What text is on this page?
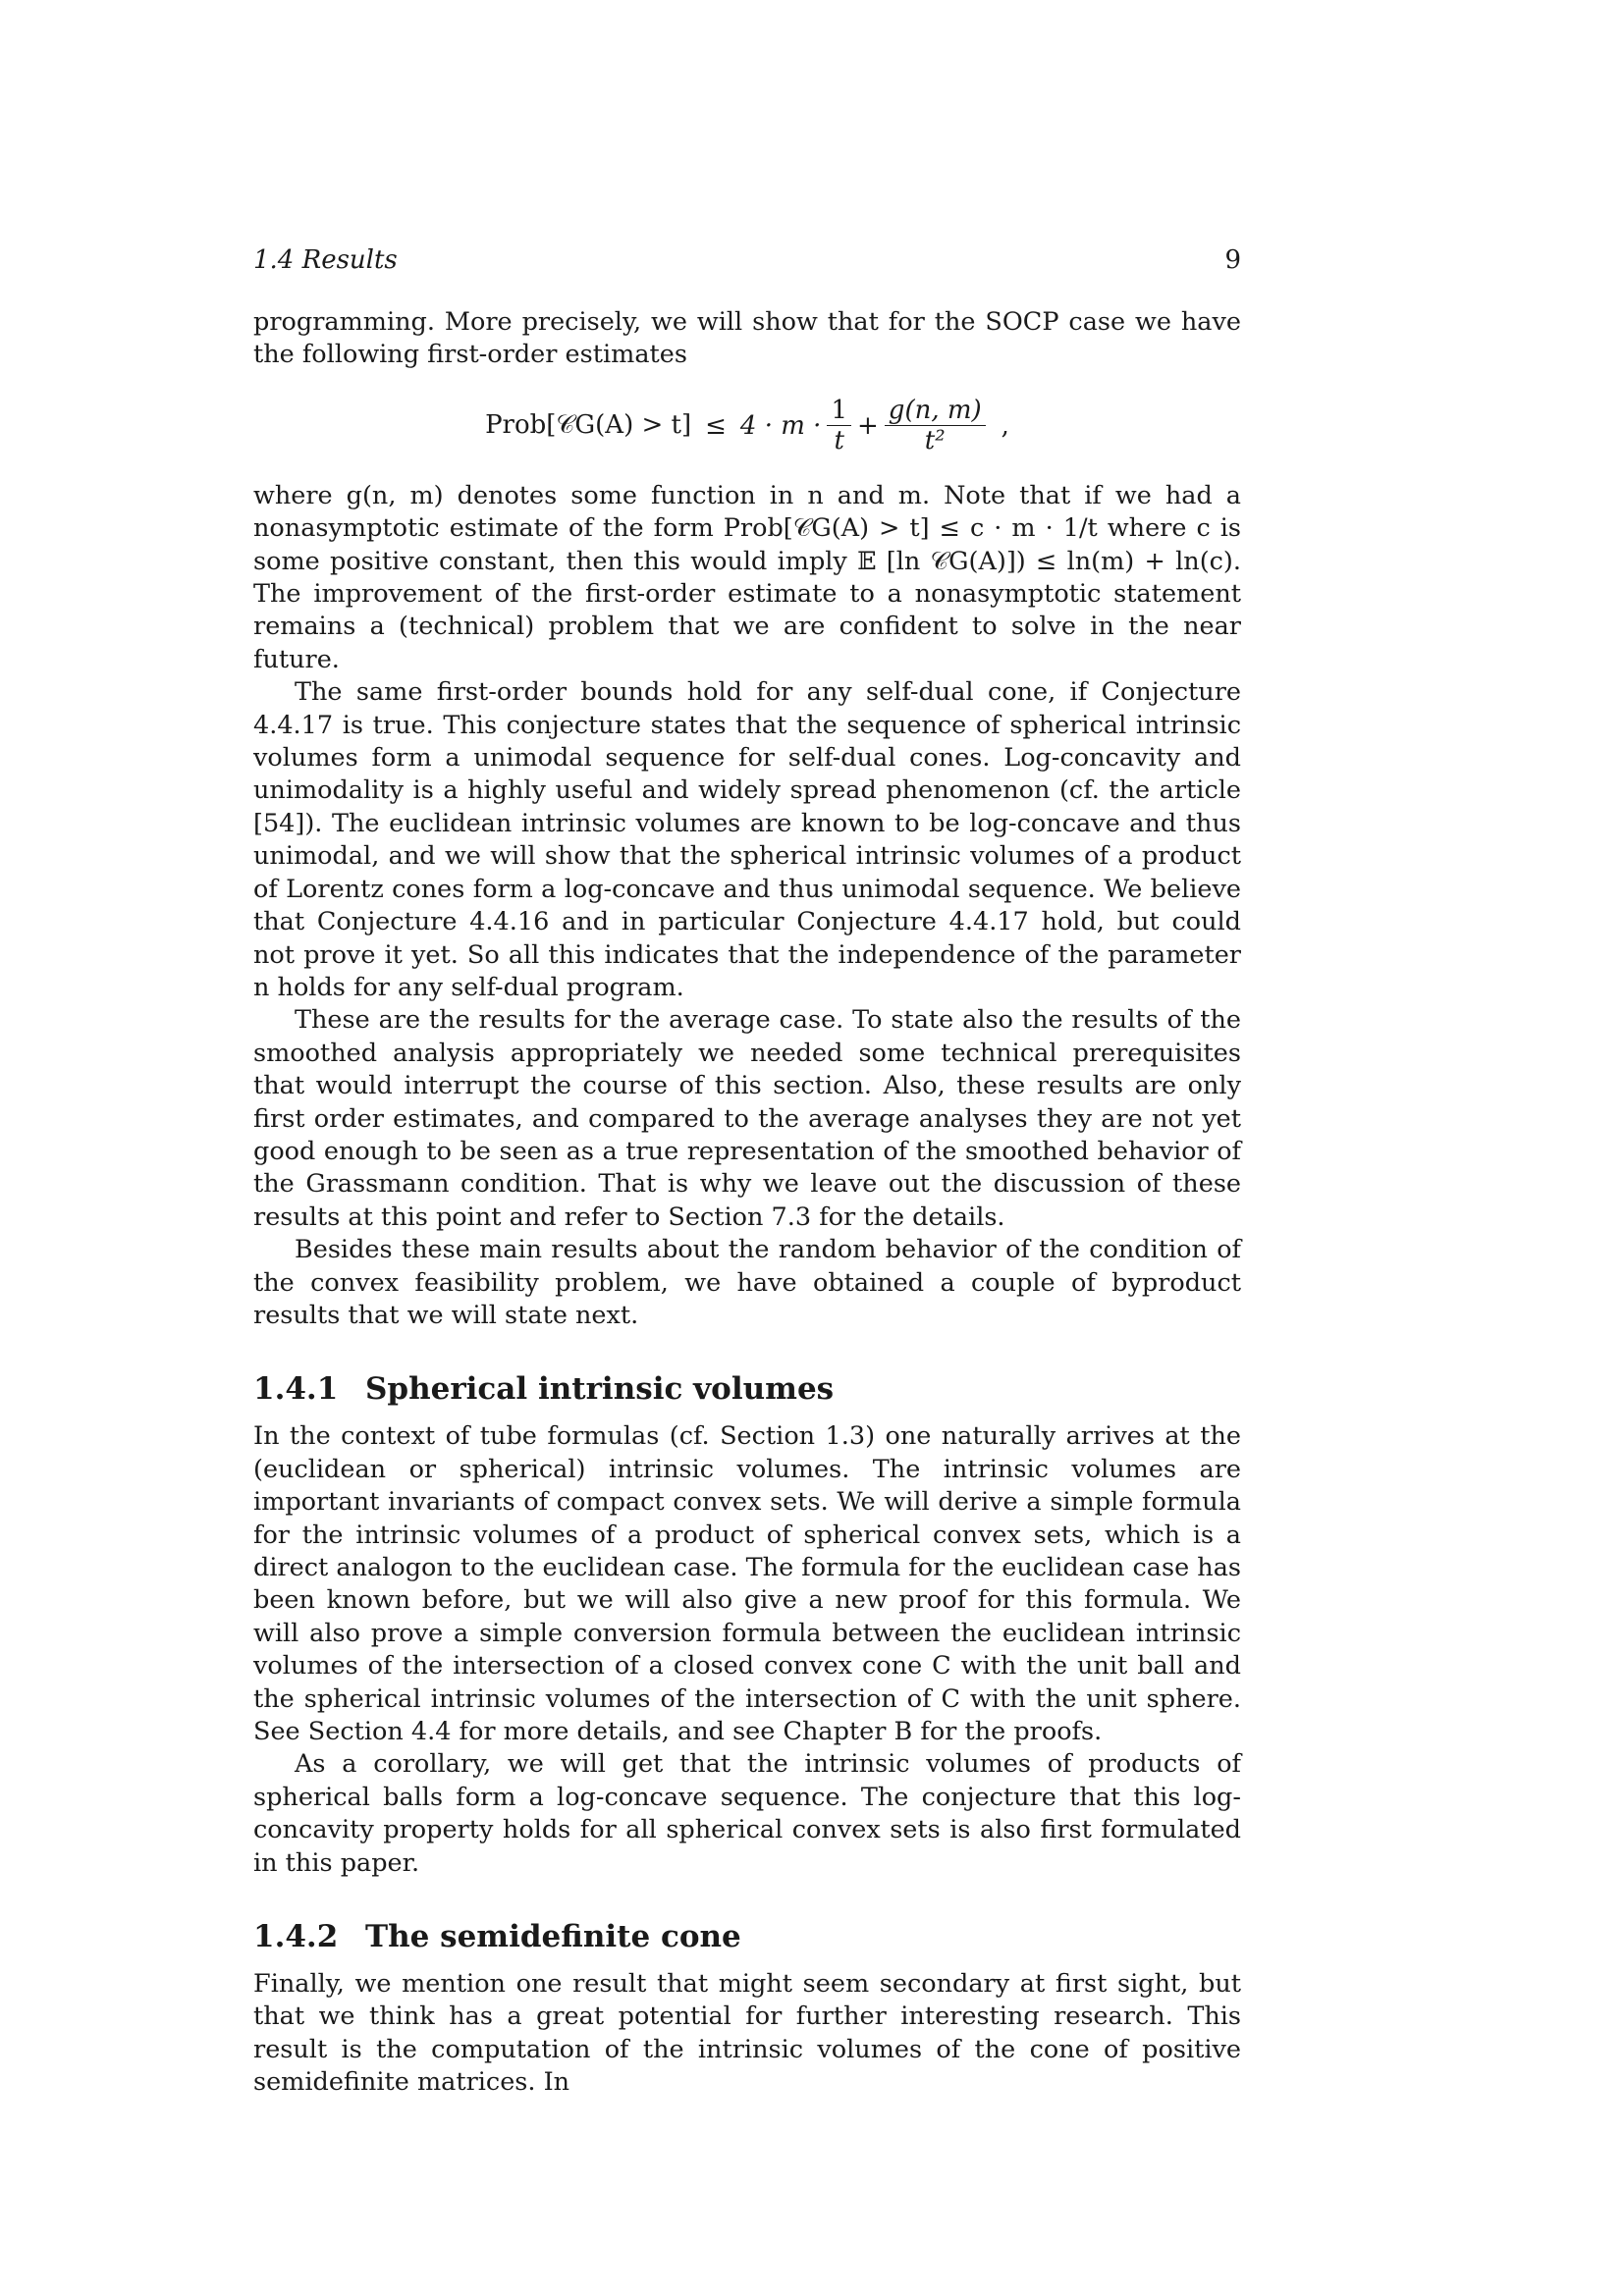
1.4 Results	9

programming. More precisely, we will show that for the SOCP case we have the following first-order estimates

Prob[𝒞G(A) > $t] \le 4 \cdot m \cdot \frac{1}{t} + \frac{g(n, m)}{\text{t²}}$ ,

where g(n, m) denotes some function in n and m. Note that if we had a nonasymptotic estimate of the form Prob[𝒞G(A) > t] ≤ c · m · 1/t where c is some positive constant, then this would imply 𝔼 [ln 𝒞G(A)]) ≤ ln(m) + ln(c). The improvement of the first-order estimate to a nonasymptotic statement remains a (technical) problem that we are confident to solve in the near future.

The same first-order bounds hold for any self-dual cone, if Conjecture 4.4.17 is true. This conjecture states that the sequence of spherical intrinsic volumes form a unimodal sequence for self-dual cones. Log-concavity and unimodality is a highly useful and widely spread phenomenon (cf. the article [54]). The euclidean intrinsic volumes are known to be log-concave and thus unimodal, and we will show that the spherical intrinsic volumes of a product of Lorentz cones form a log-concave and thus unimodal sequence. We believe that Conjecture 4.4.16 and in particular Conjecture 4.4.17 hold, but could not prove it yet. So all this indicates that the independence of the parameter n holds for any self-dual program.

These are the results for the average case. To state also the results of the smoothed analysis appropriately we needed some technical prerequisites that would interrupt the course of this section. Also, these results are only first order estimates, and compared to the average analyses they are not yet good enough to be seen as a true representation of the smoothed behavior of the Grassmann condition. That is why we leave out the discussion of these results at this point and refer to Section 7.3 for the details.

Besides these main results about the random behavior of the condition of the convex feasibility problem, we have obtained a couple of byproduct results that we will state next.

1.4.1 Spherical intrinsic volumes

In the context of tube formulas (cf. Section 1.3) one naturally arrives at the (euclidean or spherical) intrinsic volumes. The intrinsic volumes are important invariants of compact convex sets. We will derive a simple formula for the intrinsic volumes of a product of spherical convex sets, which is a direct analogon to the euclidean case. The formula for the euclidean case has been known before, but we will also give a new proof for this formula. We will also prove a simple conversion formula between the euclidean intrinsic volumes of the intersection of a closed convex cone C with the unit ball and the spherical intrinsic volumes of the intersection of C with the unit sphere. See Section 4.4 for more details, and see Chapter B for the proofs.

As a corollary, we will get that the intrinsic volumes of products of spherical balls form a log-concave sequence. The conjecture that this log-concavity property holds for all spherical convex sets is also first formulated in this paper.

1.4.2 The semidefinite cone

Finally, we mention one result that might seem secondary at first sight, but that we think has a great potential for further interesting research. This result is the computation of the intrinsic volumes of the cone of positive semidefinite matrices. In
